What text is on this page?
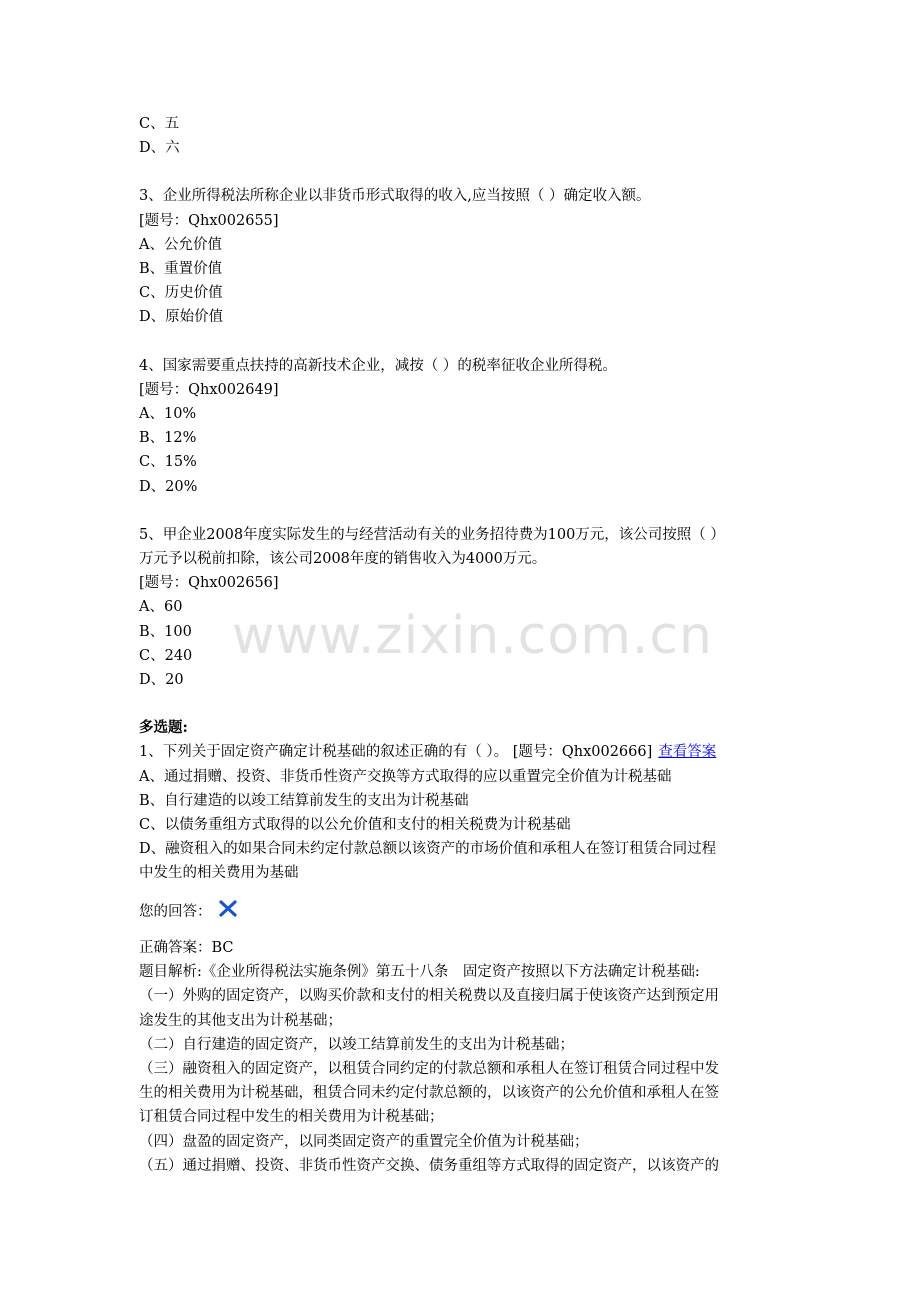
www.zixin.com.cn
C、五
D、六
3、企业所得税法所称企业以非货币形式取得的收入,应当按照（ ）确定收入额。
[题号：Qhx002655]
A、公允价值
B、重置价值
C、历史价值
D、原始价值
4、国家需要重点扶持的高新技术企业，减按（ ）的税率征收企业所得税。
[题号：Qhx002649]
A、10%
B、12%
C、15%
D、20%
5、甲企业2008年度实际发生的与经营活动有关的业务招待费为100万元，该公司按照（ ）
万元予以税前扣除，该公司2008年度的销售收入为4000万元。
[题号：Qhx002656]
A、60
B、100
C、240
D、20
多选题:
1、下列关于固定资产确定计税基础的叙述正确的有（ ）。 [题号：Qhx002666] 查看答案
A、通过捐赠、投资、非货币性资产交换等方式取得的应以重置完全价值为计税基础
B、自行建造的以竣工结算前发生的支出为计税基础
C、以债务重组方式取得的以公允价值和支付的相关税费为计税基础
D、融资租入的如果合同未约定付款总额以该资产的市场价值和承租人在签订租赁合同过程
中发生的相关费用为基础
您的回答：
正确答案：BC
题目解析:《企业所得税法实施条例》第五十八条　固定资产按照以下方法确定计税基础:
（一）外购的固定资产，以购买价款和支付的相关税费以及直接归属于使该资产达到预定用
途发生的其他支出为计税基础；
（二）自行建造的固定资产，以竣工结算前发生的支出为计税基础；
（三）融资租入的固定资产，以租赁合同约定的付款总额和承租人在签订租赁合同过程中发
生的相关费用为计税基础，租赁合同未约定付款总额的，以该资产的公允价值和承租人在签
订租赁合同过程中发生的相关费用为计税基础；
（四）盘盈的固定资产，以同类固定资产的重置完全价值为计税基础；
（五）通过捐赠、投资、非货币性资产交换、债务重组等方式取得的固定资产，以该资产的
